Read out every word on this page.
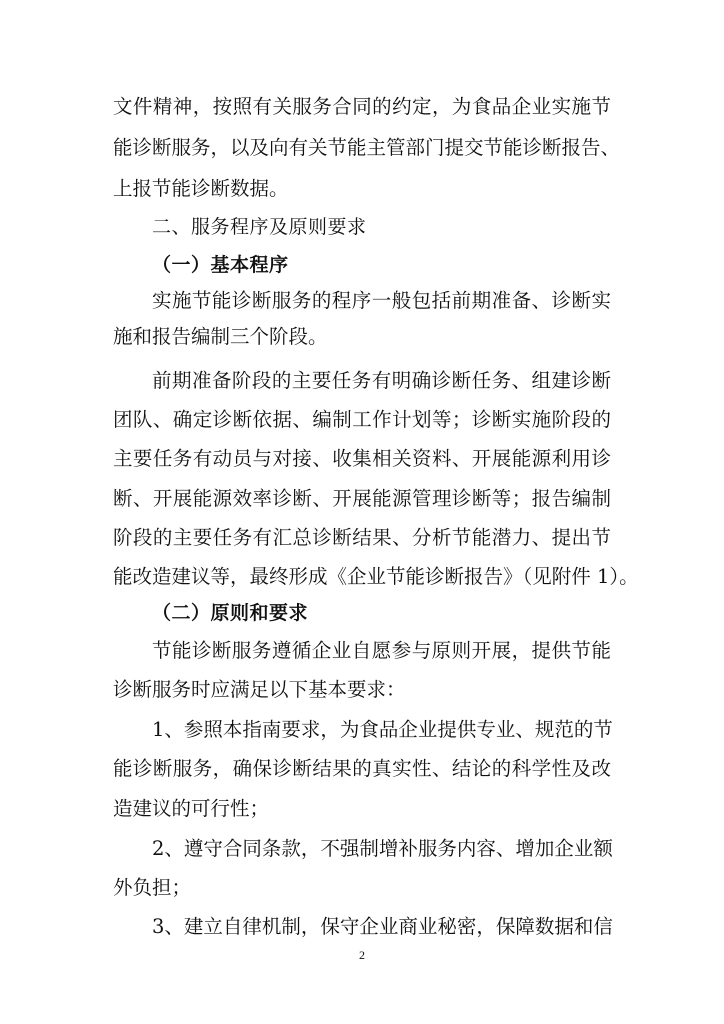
文件精神，按照有关服务合同的约定，为食品企业实施节
能诊断服务，以及向有关节能主管部门提交节能诊断报告、
上报节能诊断数据。
二、服务程序及原则要求
（一）基本程序
实施节能诊断服务的程序一般包括前期准备、诊断实
施和报告编制三个阶段。
前期准备阶段的主要任务有明确诊断任务、组建诊断
团队、确定诊断依据、编制工作计划等；诊断实施阶段的
主要任务有动员与对接、收集相关资料、开展能源利用诊
断、开展能源效率诊断、开展能源管理诊断等；报告编制
阶段的主要任务有汇总诊断结果、分析节能潜力、提出节
能改造建议等，最终形成《企业节能诊断报告》（见附件 1）。
（二）原则和要求
节能诊断服务遵循企业自愿参与原则开展，提供节能
诊断服务时应满足以下基本要求：
1、参照本指南要求，为食品企业提供专业、规范的节
能诊断服务，确保诊断结果的真实性、结论的科学性及改
造建议的可行性；
2、遵守合同条款，不强制增补服务内容、增加企业额
外负担；
3、建立自律机制，保守企业商业秘密，保障数据和信
2
